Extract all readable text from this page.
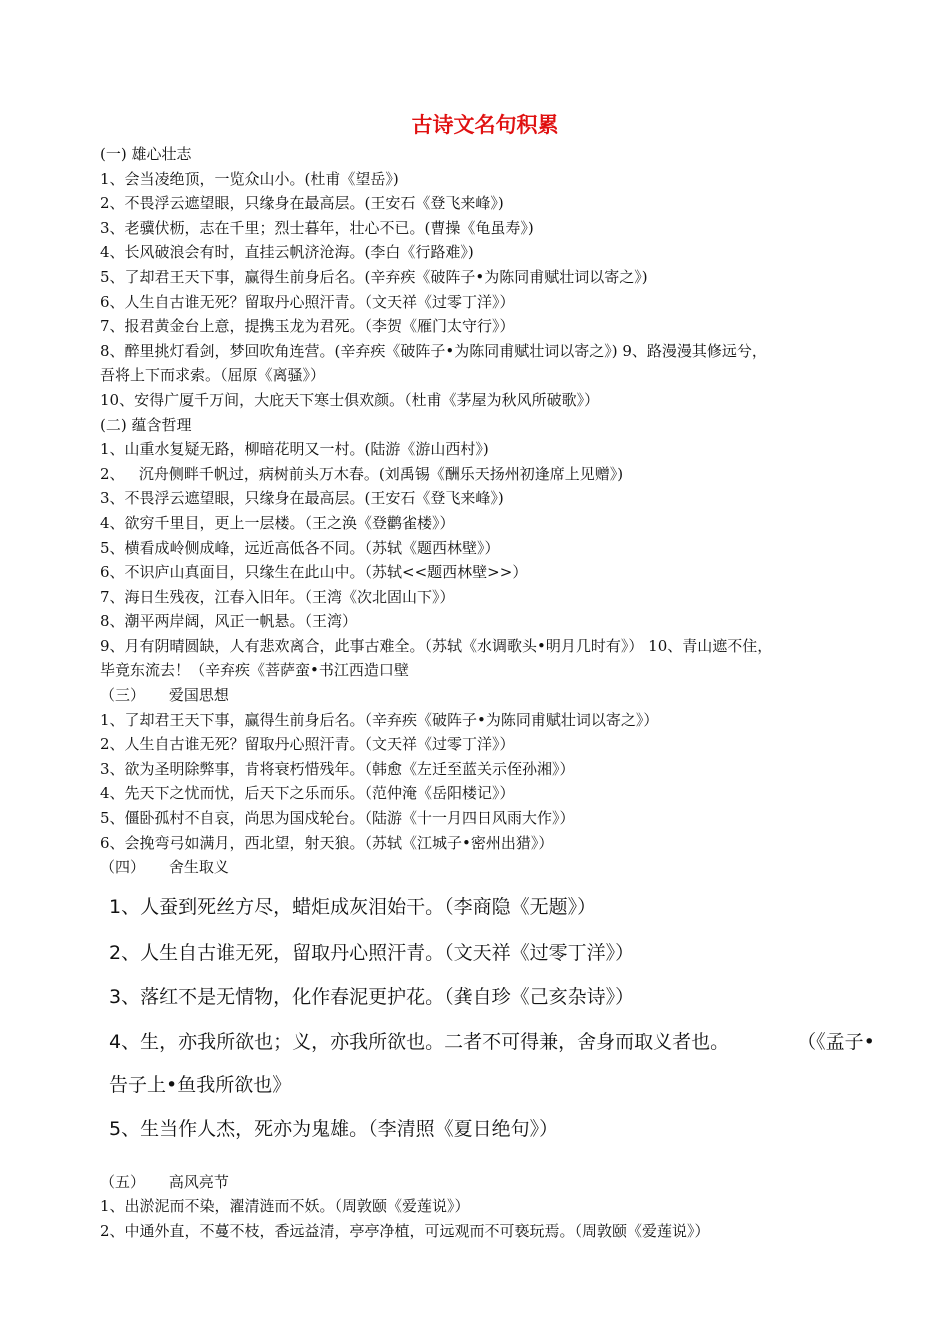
古诗文名句积累
(一) 雄心壮志
1、会当凌绝顶，一览众山小。(杜甫《望岳》)
2、不畏浮云遮望眼，只缘身在最高层。(王安石《登飞来峰》)
3、老骥伏枥，志在千里；烈士暮年，壮心不已。(曹操《龟虽寿》)
4、长风破浪会有时，直挂云帆济沧海。(李白《行路难》)
5、了却君王天下事，赢得生前身后名。(辛弃疾《破阵子•为陈同甫赋壮词以寄之》)
6、人生自古谁无死？留取丹心照汗青。（文天祥《过零丁洋》）
7、报君黄金台上意，提携玉龙为君死。（李贺《雁门太守行》）
8、醉里挑灯看剑，梦回吹角连营。(辛弃疾《破阵子•为陈同甫赋壮词以寄之》) 9、路漫漫其修远兮，
吾将上下而求索。（屈原《离骚》）
10、安得广厦千万间，大庇天下寒士俱欢颜。（杜甫《茅屋为秋风所破歌》）
(二) 蕴含哲理
1、山重水复疑无路，柳暗花明又一村。(陆游《游山西村》)
2、   沉舟侧畔千帆过，病树前头万木春。(刘禹锡《酬乐天扬州初逢席上见赠》)
3、不畏浮云遮望眼，只缘身在最高层。(王安石《登飞来峰》)
4、欲穷千里目，更上一层楼。（王之涣《登鹳雀楼》）
5、横看成岭侧成峰，远近高低各不同。（苏轼《题西林壁》）
6、不识庐山真面目，只缘生在此山中。（苏轼<<题西林壁>>）
7、海日生残夜，江春入旧年。（王湾《次北固山下》）
8、潮平两岸阔，风正一帆悬。（王湾）
9、月有阴晴圆缺，人有悲欢离合，此事古难全。（苏轼《水调歌头•明月几时有》） 10、青山遮不住，
毕竟东流去！（辛弃疾《菩萨蛮•书江西造口壁
（三）     爱国思想
1、了却君王天下事，赢得生前身后名。（辛弃疾《破阵子•为陈同甫赋壮词以寄之》）
2、人生自古谁无死？留取丹心照汗青。（文天祥《过零丁洋》）
3、欲为圣明除弊事，肯将衰朽惜残年。（韩愈《左迁至蓝关示侄孙湘》）
4、先天下之忧而忧，后天下之乐而乐。（范仲淹《岳阳楼记》）
5、僵卧孤村不自哀，尚思为国戍轮台。（陆游《十一月四日风雨大作》）
6、会挽弯弓如满月，西北望，射天狼。（苏轼《江城子•密州出猎》）
（四）     舍生取义
1、人蚕到死丝方尽，蜡炬成灰泪始干。（李商隐《无题》）
2、人生自古谁无死，留取丹心照汗青。（文天祥《过零丁洋》）
3、落红不是无情物，化作春泥更护花。（龚自珍《己亥杂诗》）
4、生，亦我所欲也；义，亦我所欲也。二者不可得兼，舍身而取义者也。	（《孟子•
告子上•鱼我所欲也》
5、生当作人杰，死亦为鬼雄。（李清照《夏日绝句》）
（五）     高风亮节
1、出淤泥而不染，濯清涟而不妖。（周敦颐《爱莲说》）
2、中通外直，不蔓不枝，香远益清，亭亭净植，可远观而不可亵玩焉。（周敦颐《爱莲说》）
